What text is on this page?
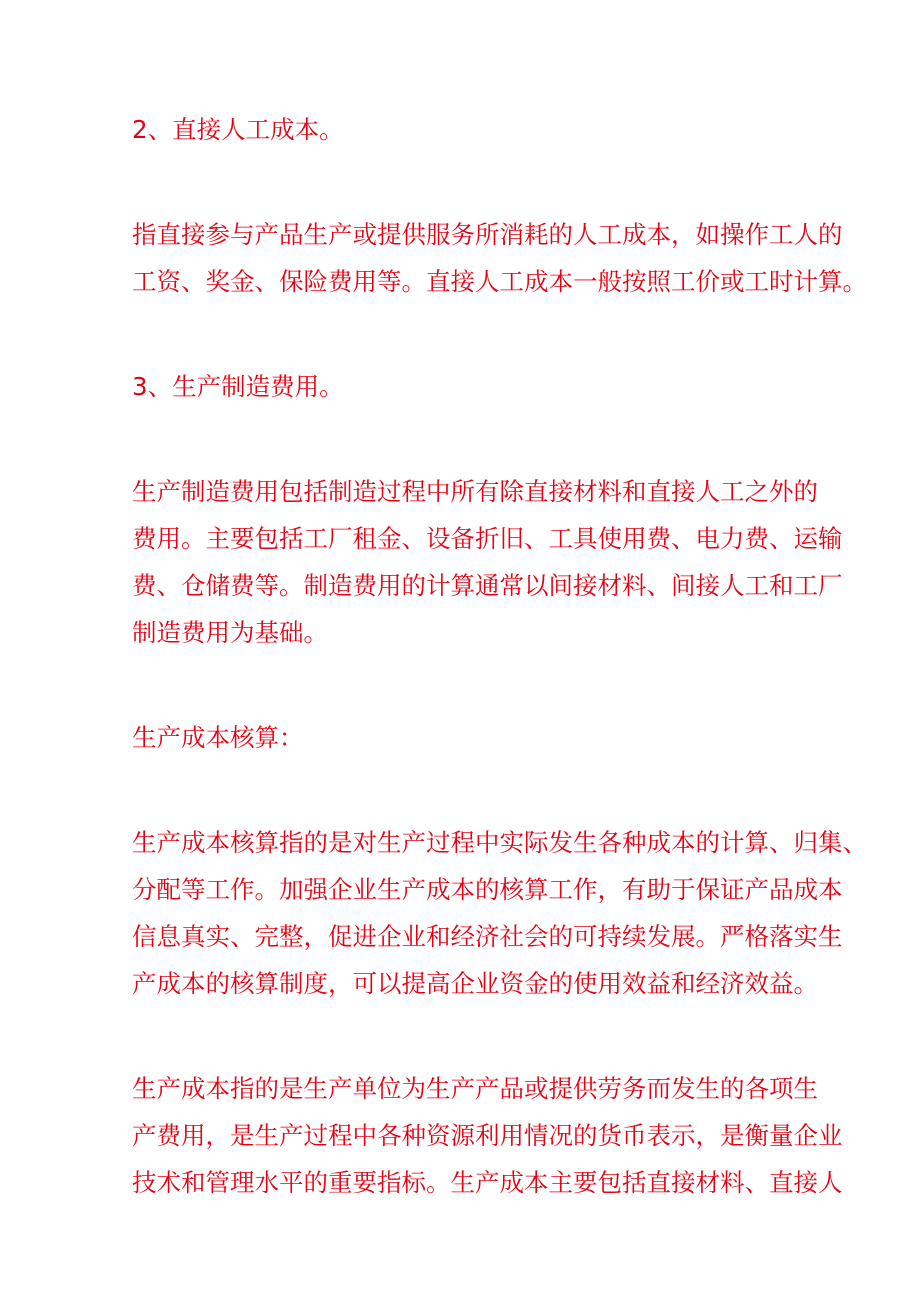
2、直接人工成本。

指直接参与产品生产或提供服务所消耗的人工成本，如操作工人的
工资、奖金、保险费用等。直接人工成本一般按照工价或工时计算。

3、生产制造费用。

生产制造费用包括制造过程中所有除直接材料和直接人工之外的
费用。主要包括工厂租金、设备折旧、工具使用费、电力费、运输
费、仓储费等。制造费用的计算通常以间接材料、间接人工和工厂
制造费用为基础。

生产成本核算：

生产成本核算指的是对生产过程中实际发生各种成本的计算、归集、
分配等工作。加强企业生产成本的核算工作，有助于保证产品成本
信息真实、完整，促进企业和经济社会的可持续发展。严格落实生
产成本的核算制度，可以提高企业资金的使用效益和经济效益。

生产成本指的是生产单位为生产产品或提供劳务而发生的各项生
产费用，是生产过程中各种资源利用情况的货币表示，是衡量企业
技术和管理水平的重要指标。生产成本主要包括直接材料、直接人
